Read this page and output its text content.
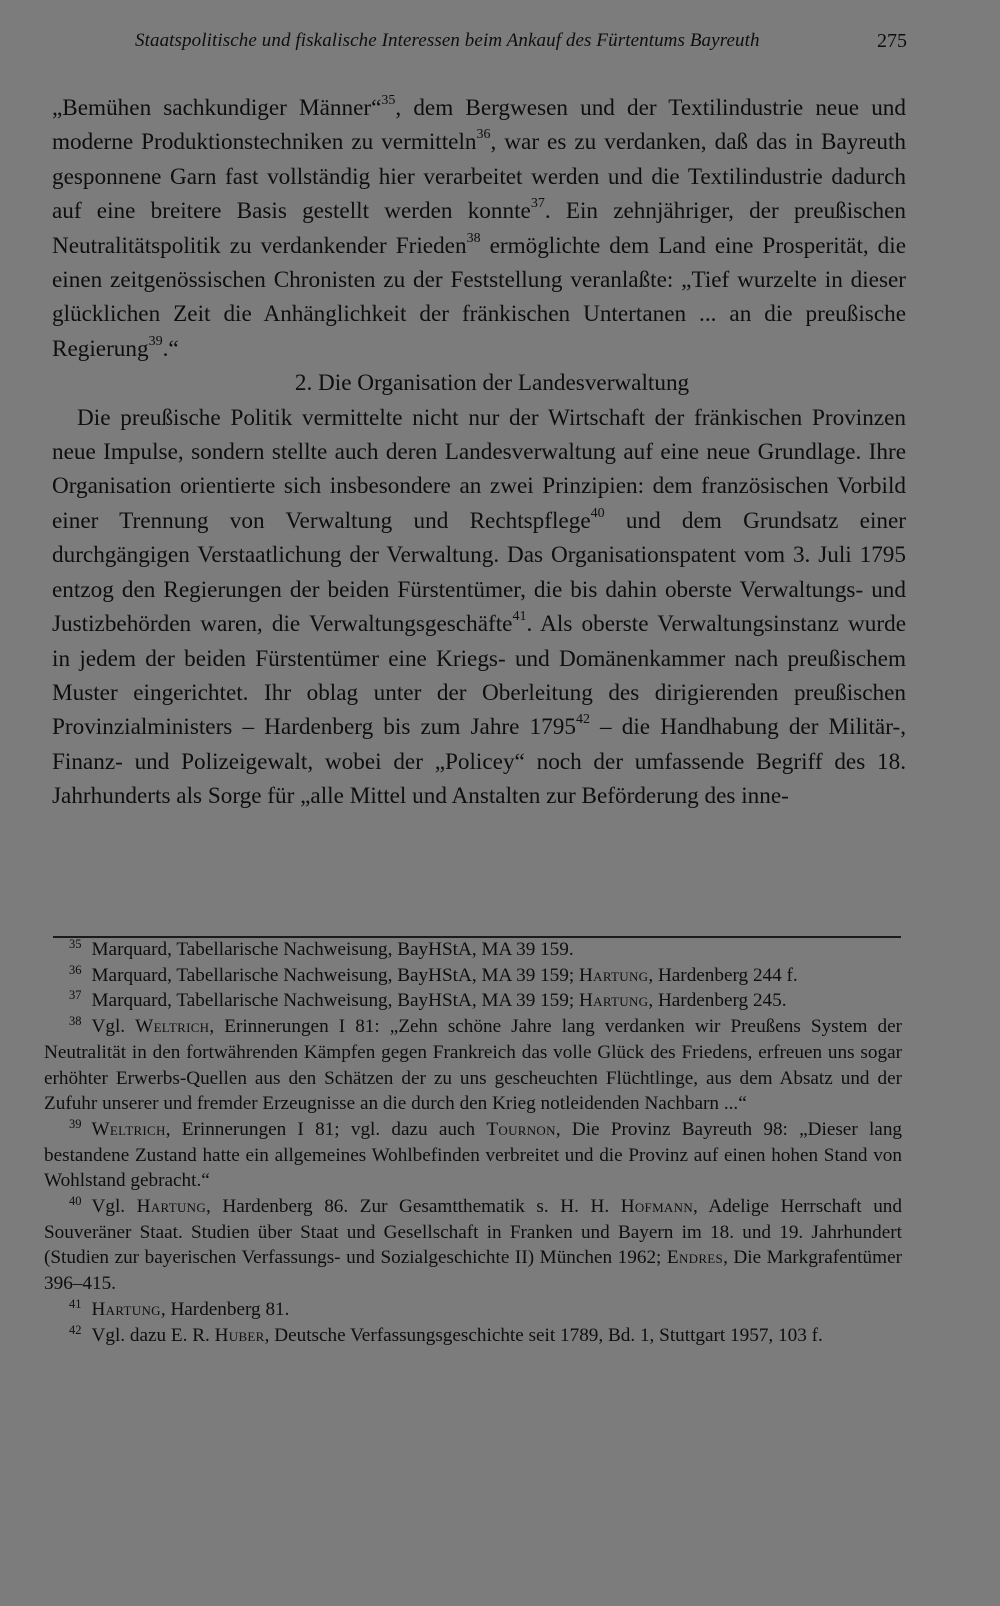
Staatspolitische und fiskalische Interessen beim Ankauf des Fürtentums Bayreuth	275

„Bemühen sachkundiger Männer“$^{35}$, dem Bergwesen und der Textilindustrie neue und moderne Produktionstechniken zu vermitteln$^{36}$, war es zu verdanken, daß das in Bayreuth gesponnene Garn fast vollständig hier verarbeitet werden und die Textilindustrie dadurch auf eine breitere Basis gestellt werden konnte$^{37}$. Ein zehnjähriger, der preußischen Neutralitätspolitik zu verdankender Frieden$^{38}$ ermöglichte dem Land eine Prosperität, die einen zeitgenössischen Chronisten zu der Feststellung veranlaßte: „Tief wurzelte in dieser glücklichen Zeit die Anhänglichkeit der fränkischen Untertanen ... an die preußische Regierung$^{39}$.“

2. Die Organisation der Landesverwaltung

Die preußische Politik vermittelte nicht nur der Wirtschaft der fränkischen Provinzen neue Impulse, sondern stellte auch deren Landesverwaltung auf eine neue Grundlage. Ihre Organisation orientierte sich insbesondere an zwei Prinzipien: dem französischen Vorbild einer Trennung von Verwaltung und Rechtspflege$^{40}$ und dem Grundsatz einer durchgängigen Verstaatlichung der Verwaltung. Das Organisationspatent vom 3. Juli 1795 entzog den Regierungen der beiden Fürstentümer, die bis dahin oberste Verwaltungs- und Justizbehörden waren, die Verwaltungsgeschäfte$^{41}$. Als oberste Verwaltungsinstanz wurde in jedem der beiden Fürstentümer eine Kriegs- und Domänenkammer nach preußischem Muster eingerichtet. Ihr oblag unter der Oberleitung des dirigierenden preußischen Provinzialministers – Hardenberg bis zum Jahre 1795$^{42}$ – die Handhabung der Militär-, Finanz- und Polizeigewalt, wobei der „Policey“ noch der umfassende Begriff des 18. Jahrhunderts als Sorge für „alle Mittel und Anstalten zur Beförderung des inne-

$^{35}$ Marquard, Tabellarische Nachweisung, BayHStA, MA 39 159.

$^{36}$ Marquard, Tabellarische Nachweisung, BayHStA, MA 39 159; Hartung, Hardenberg 244 f.

$^{37}$ Marquard, Tabellarische Nachweisung, BayHStA, MA 39 159; Hartung, Hardenberg 245.

$^{38}$ Vgl. Weltrich, Erinnerungen I 81: „Zehn schöne Jahre lang verdanken wir Preußens System der Neutralität in den fortwährenden Kämpfen gegen Frankreich das volle Glück des Friedens, erfreuen uns sogar erhöhter Erwerbs-Quellen aus den Schätzen der zu uns gescheuchten Flüchtlinge, aus dem Absatz und der Zufuhr unserer und fremder Erzeugnisse an die durch den Krieg notleidenden Nachbarn ...“

$^{39}$ Weltrich, Erinnerungen I 81; vgl. dazu auch Tournon, Die Provinz Bayreuth 98: „Dieser lang bestandene Zustand hatte ein allgemeines Wohlbefinden verbreitet und die Provinz auf einen hohen Stand von Wohlstand gebracht.“

$^{40}$ Vgl. Hartung, Hardenberg 86. Zur Gesamtthematik s. H. H. Hofmann, Adelige Herrschaft und Souveräner Staat. Studien über Staat und Gesellschaft in Franken und Bayern im 18. und 19. Jahrhundert (Studien zur bayerischen Verfassungs- und Sozialgeschichte II) München 1962; Endres, Die Markgrafentümer 396–415.

$^{41}$ Hartung, Hardenberg 81.

$^{42}$ Vgl. dazu E. R. Huber, Deutsche Verfassungsgeschichte seit 1789, Bd. 1, Stuttgart 1957, 103 f.
